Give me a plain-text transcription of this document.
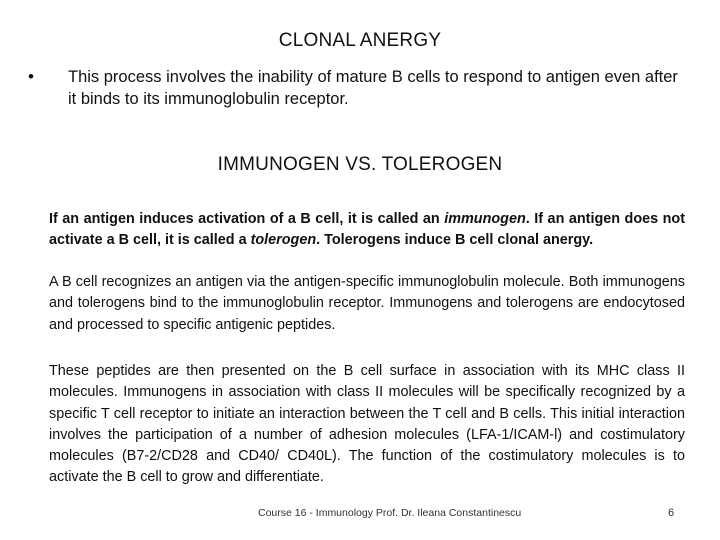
CLONAL ANERGY
•	This process involves the inability of mature B cells to respond to antigen even after it binds to its immunoglobulin receptor.
IMMUNOGEN VS. TOLEROGEN
If an antigen induces activation of a B cell, it is called an immunogen. If an antigen does not activate a B cell, it is called a tolerogen. Tolerogens induce B cell clonal anergy.
A B cell recognizes an antigen via the antigen-specific immunoglobulin molecule. Both immunogens and tolerogens bind to the immunoglobulin receptor. Immunogens and tolerogens are endocytosed and processed to specific antigenic peptides.
These peptides are then presented on the B cell surface in association with its MHC class II molecules. Immunogens in association with class II molecules will be specifically recognized by a specific T cell receptor to initiate an interaction between the T cell and B cells. This initial interaction involves the participation of a number of adhesion molecules (LFA-1/ICAM-l) and costimulatory molecules (B7-2/CD28 and CD40/ CD40L). The function of the costimulatory molecules is to activate the B cell to grow and differentiate.
Course 16 - Immunology Prof. Dr. Ileana Constantinescu	6
